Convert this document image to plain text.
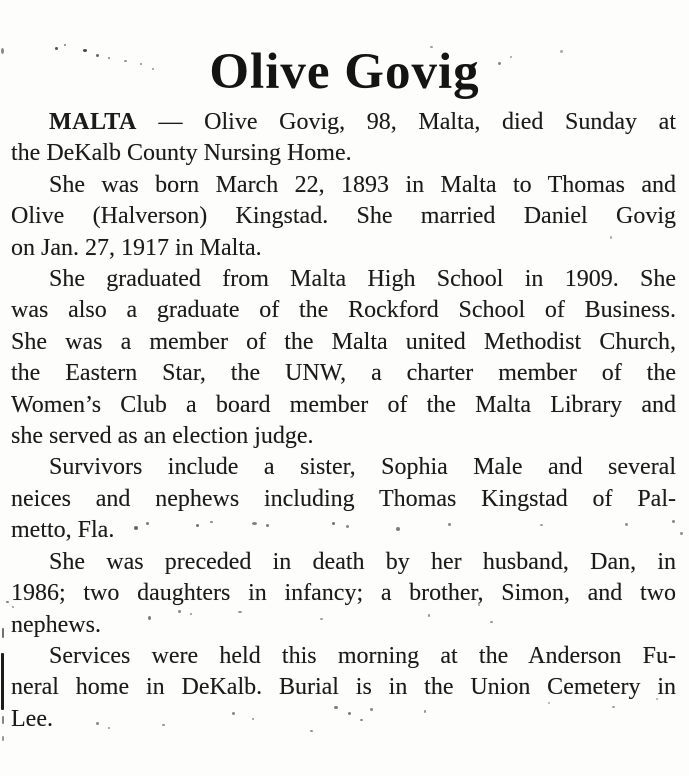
Olive Govig
MALTA — Olive Govig, 98, Malta, died Sunday at
the DeKalb County Nursing Home.
She was born March 22, 1893 in Malta to Thomas and
Olive (Halverson) Kingstad. She married Daniel Govig
on Jan. 27, 1917 in Malta.
She graduated from Malta High School in 1909. She
was also a graduate of the Rockford School of Business.
She was a member of the Malta united Methodist Church,
the Eastern Star, the UNW, a charter member of the
Women’s Club a board member of the Malta Library and
she served as an election judge.
Survivors include a sister, Sophia Male and several
neices and nephews including Thomas Kingstad of Pal-
metto, Fla.
She was preceded in death by her husband, Dan, in
1986; two daughters in infancy; a brother, Simon, and two
nephews.
Services were held this morning at the Anderson Fu-
neral home in DeKalb. Burial is in the Union Cemetery in
Lee.
